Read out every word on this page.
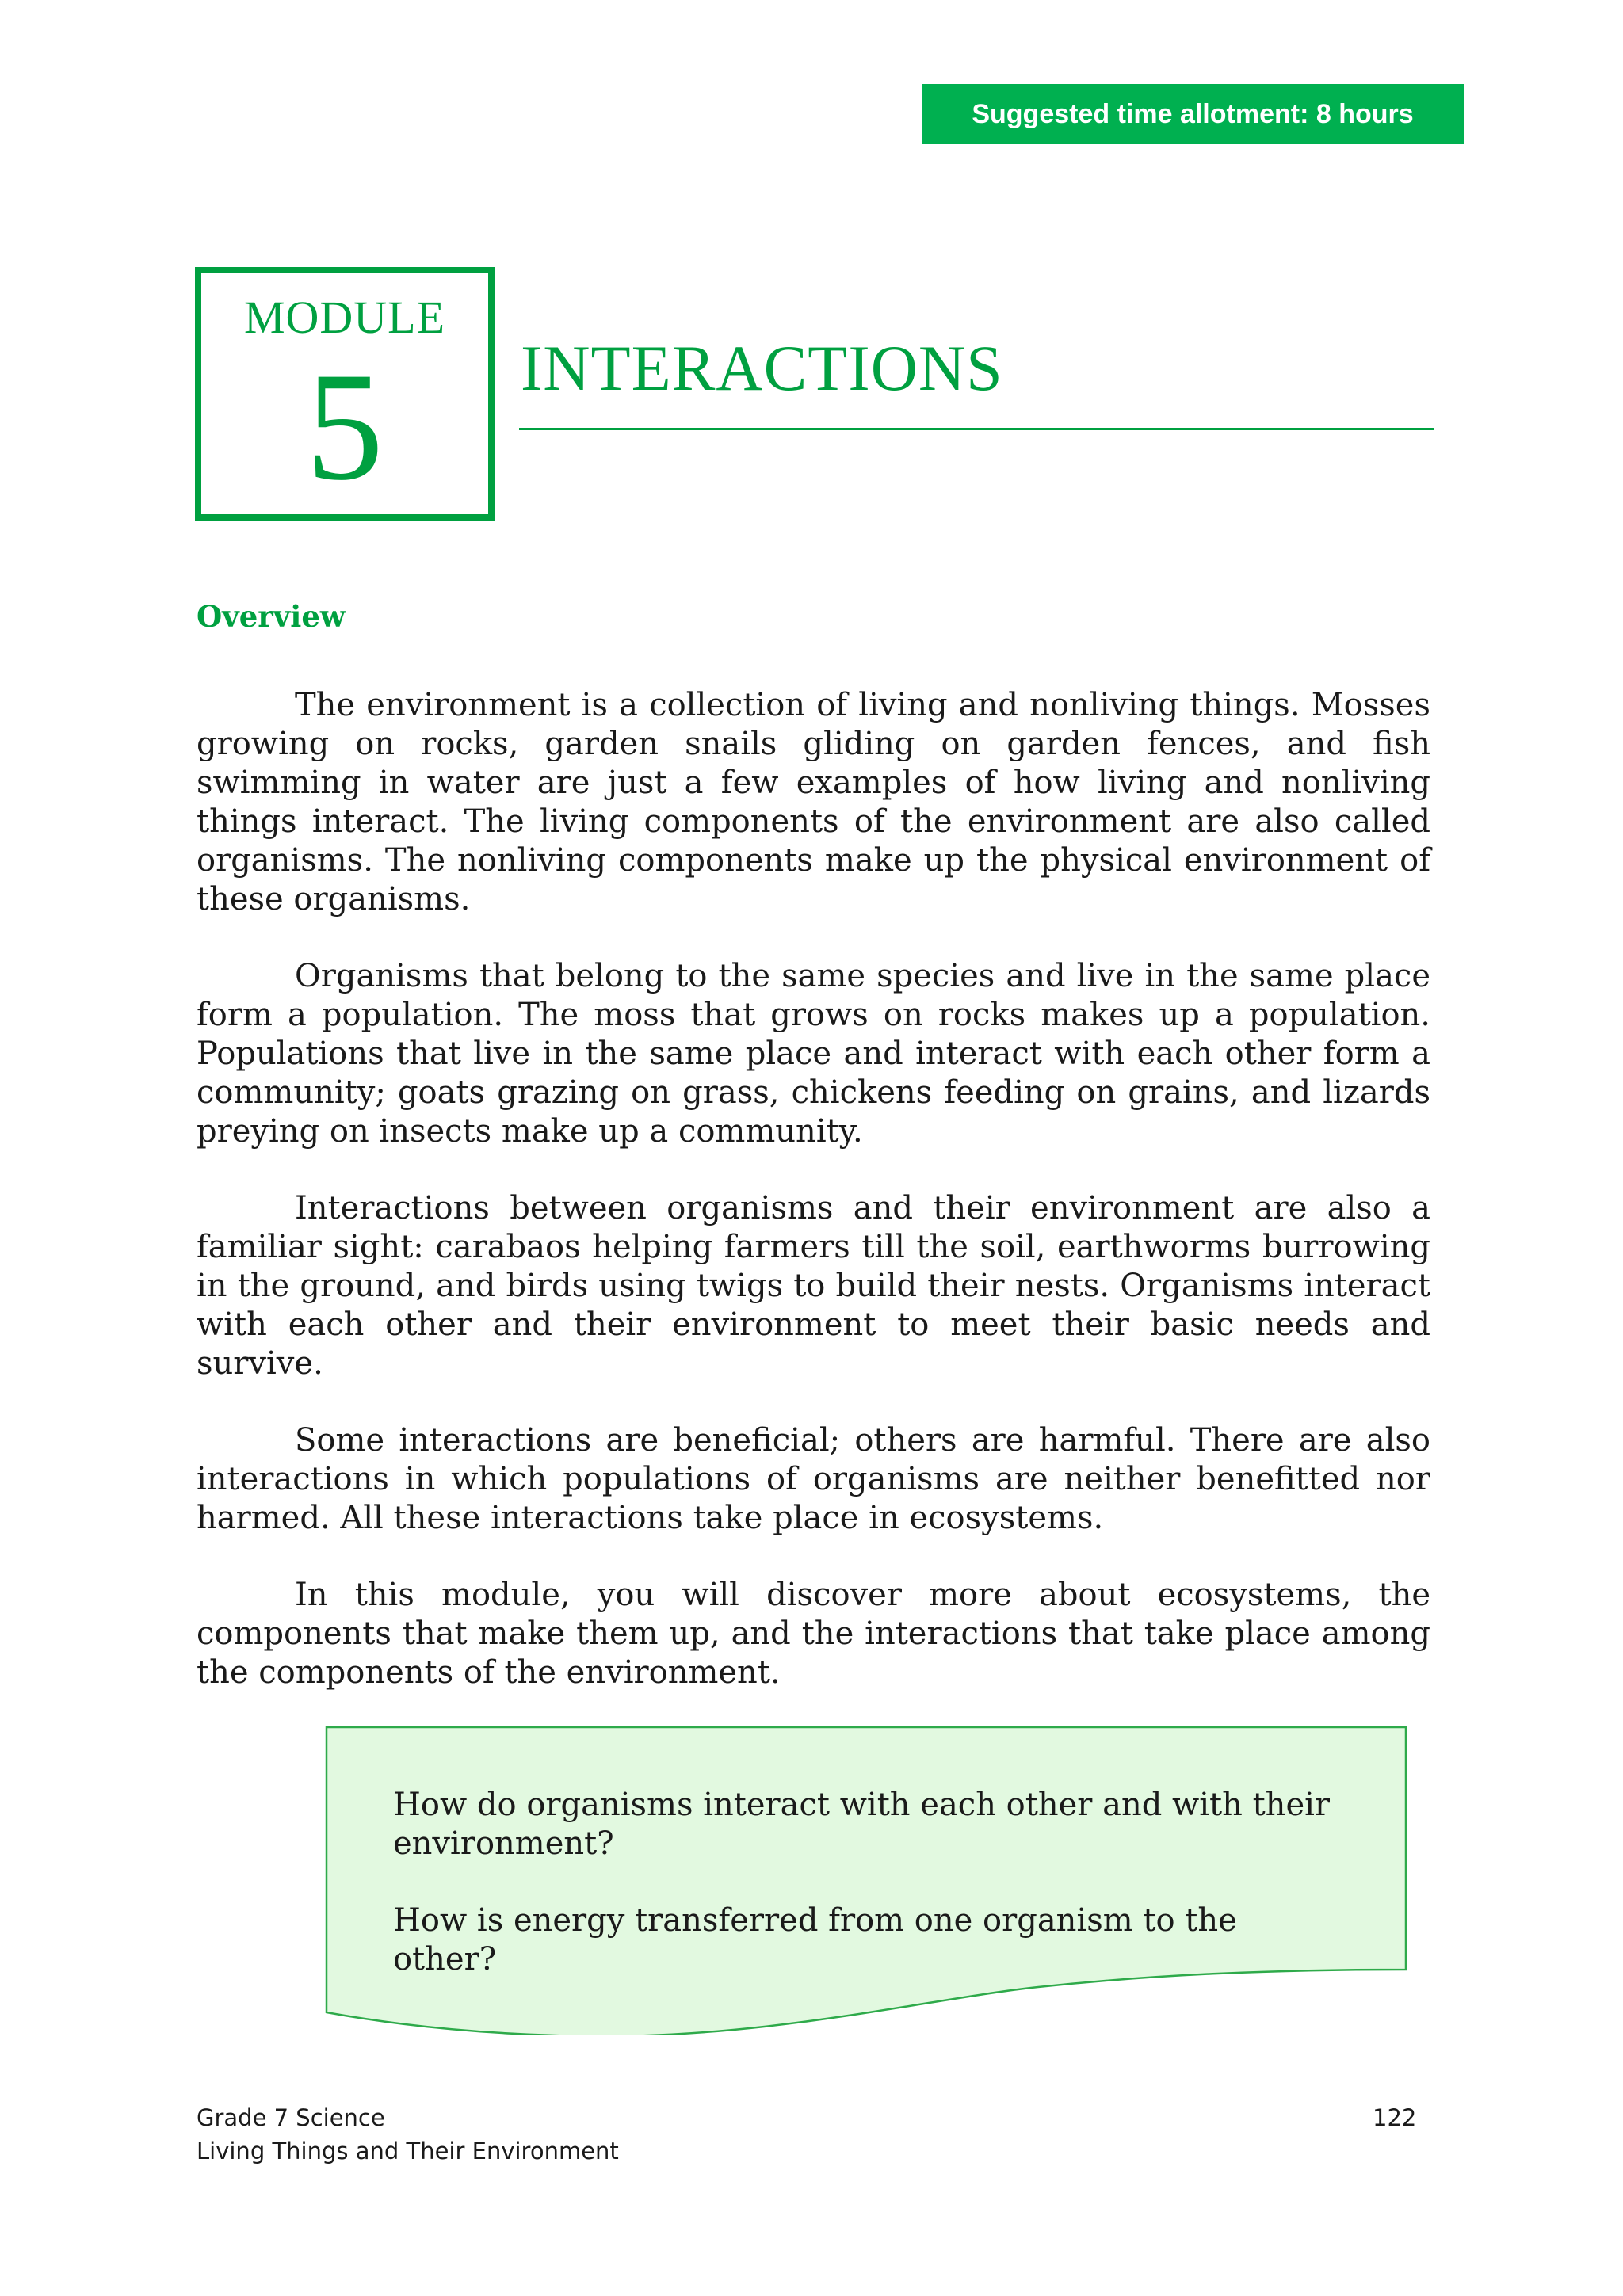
Suggested time allotment: 8 hours
MODULE
5	INTERACTIONS
Overview

The environment is a collection of living and nonliving things. Mosses growing on rocks, garden snails gliding on garden fences, and fish swimming in water are just a few examples of how living and nonliving things interact. The living components of the environment are also called organisms. The nonliving components make up the physical environment of these organisms.

Organisms that belong to the same species and live in the same place form a population. The moss that grows on rocks makes up a population. Populations that live in the same place and interact with each other form a community; goats grazing on grass, chickens feeding on grains, and lizards preying on insects make up a community.

Interactions between organisms and their environment are also a familiar sight: carabaos helping farmers till the soil, earthworms burrowing in the ground, and birds using twigs to build their nests. Organisms interact with each other and their environment to meet their basic needs and survive.

Some interactions are beneficial; others are harmful. There are also interactions in which populations of organisms are neither benefitted nor harmed. All these interactions take place in ecosystems.

In this module, you will discover more about ecosystems, the components that make them up, and the interactions that take place among the components of the environment.

How do organisms interact with each other and with their environment?

How is energy transferred from one organism to the other?

Grade 7 Science
Living Things and Their Environment
122
